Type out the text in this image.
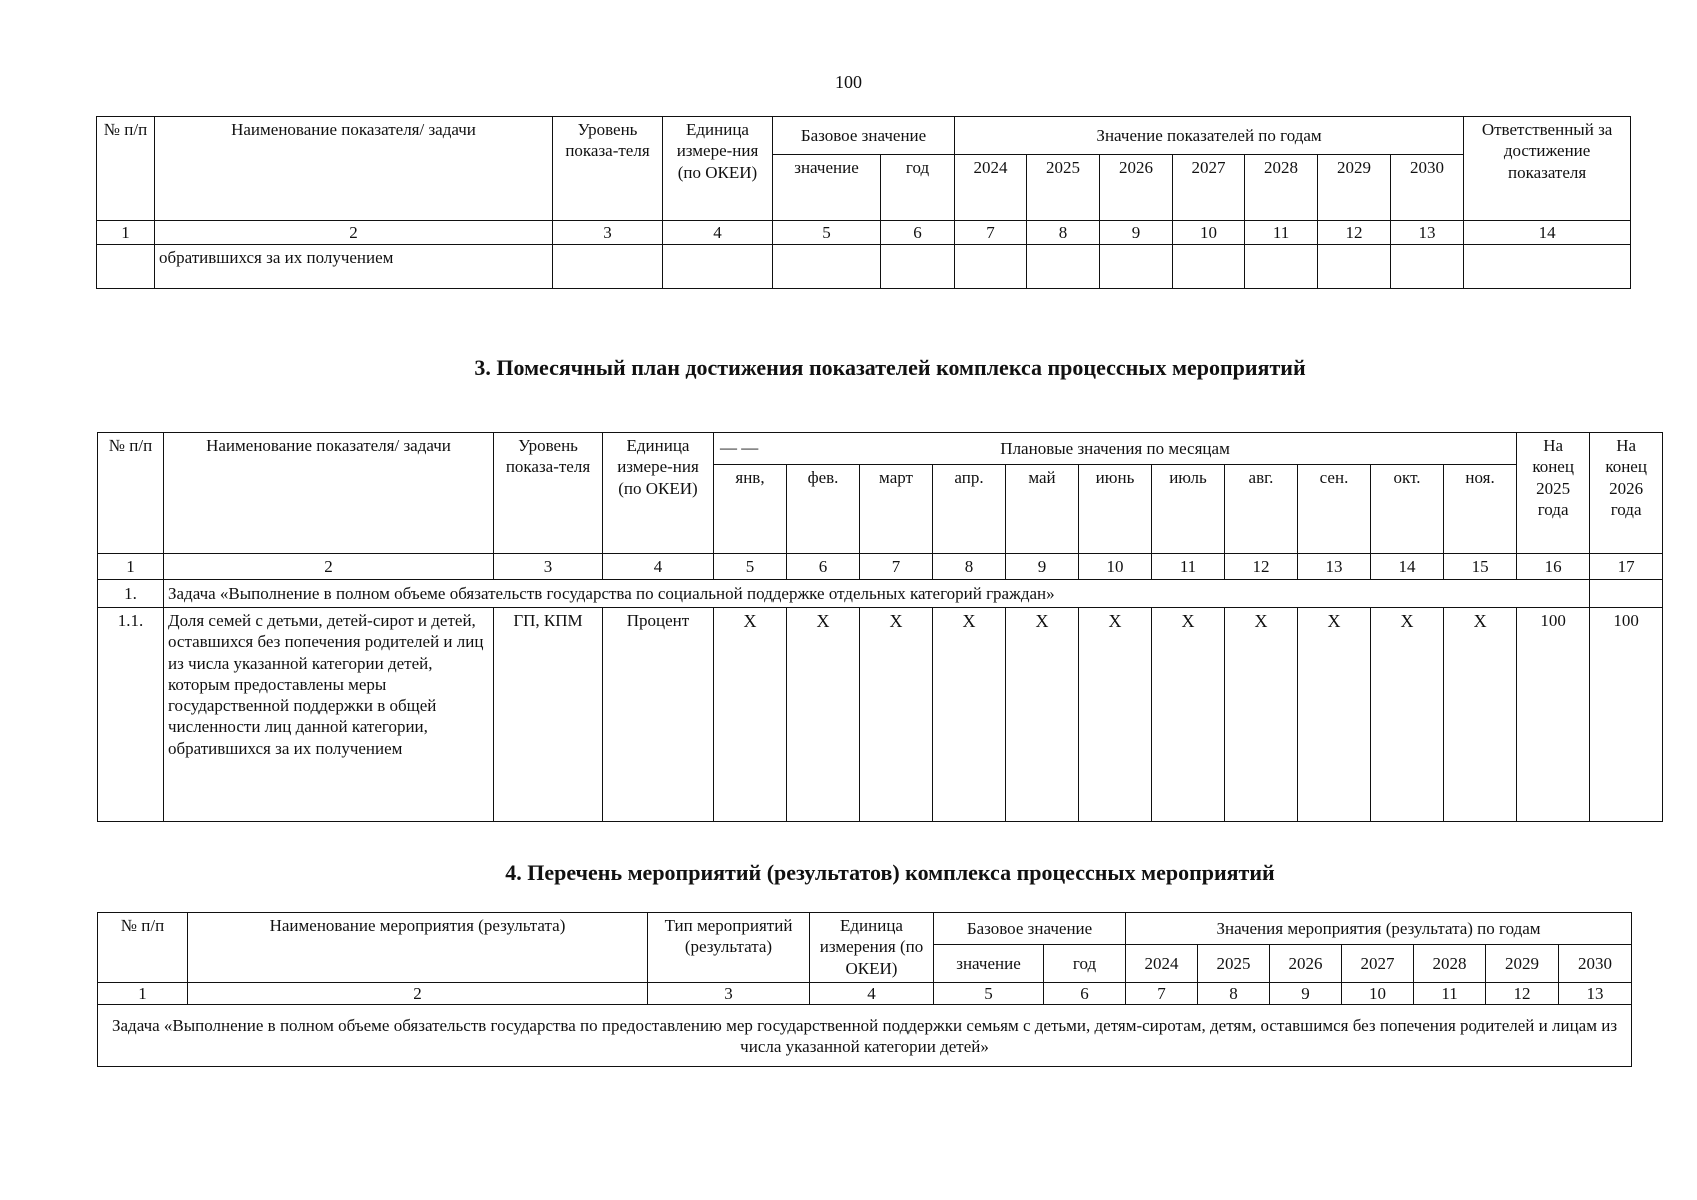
100
№ п/п	Наименование показателя/ задачи	Уровень показа-теля	Единица измере-ния (по ОКЕИ)	Базовое значение		Значение показателей по годам							Ответственный за достижение показателя
				значение	год	2024	2025	2026	2027	2028	2029	2030	
1	2	3	4	5	6	7	8	9	10	11	12	13	14
	обратившихся за их получением												
3. Помесячный план достижения показателей комплекса процессных мероприятий
№ п/п	Наименование показателя/ задачи	Уровень показа-теля	Единица измере-ния (по ОКЕИ)	— — Плановые значения по месяцам											На конец 2025 года	На конец 2026 года
				янв,	фев.	март	апр.	май	июнь	июль	авг.	сен.	окт.	ноя.		
1	2	3	4	5	6	7	8	9	10	11	12	13	14	15	16	17
1.	Задача «Выполнение в полном объеме обязательств государства по социальной поддержке отдельных категорий граждан»															
1.1.	Доля семей с детьми, детей-сирот и детей, оставшихся без попечения родителей и лиц из числа указанной категории детей, которым предоставлены меры государственной поддержки в общей численности лиц данной категории, обратившихся за их получением	ГП, КПМ	Процент	X	X	X	X	X	X	X	X	X	X	X	100	100
4. Перечень мероприятий (результатов) комплекса процессных мероприятий
№ п/п	Наименование мероприятия (результата)	Тип мероприятий (результата)	Единица измерения (по ОКЕИ)	Базовое значение		Значения мероприятия (результата) по годам						
				значение	год	2024	2025	2026	2027	2028	2029	2030
1	2	3	4	5	6	7	8	9	10	11	12	13
Задача «Выполнение в полном объеме обязательств государства по предоставлению мер государственной поддержки семьям с детьми, детям-сиротам, детям, оставшимся без попечения родителей и лицам из числа указанной категории детей»												
